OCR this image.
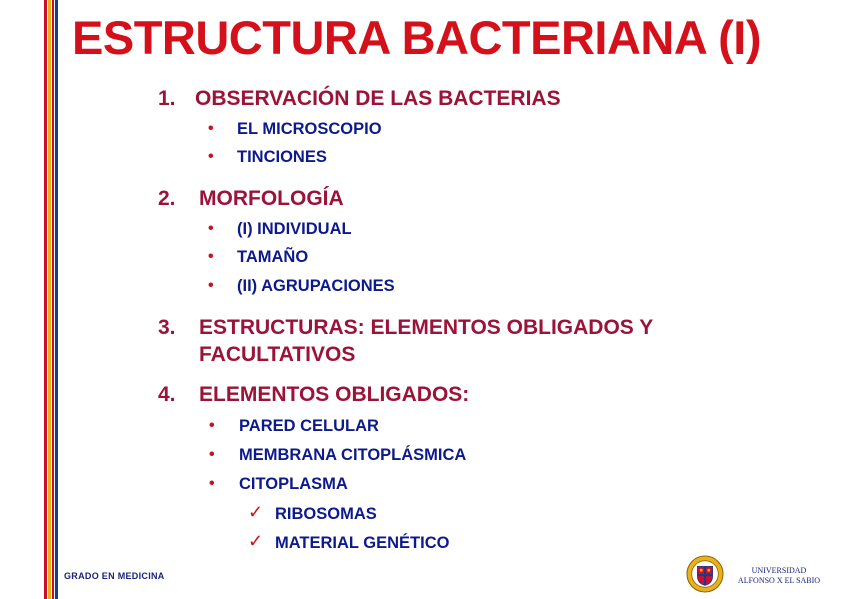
ESTRUCTURA BACTERIANA (I)
1. OBSERVACIÓN DE LAS BACTERIAS
• EL MICROSCOPIO
• TINCIONES
2. MORFOLOGÍA
• (I) INDIVIDUAL
• TAMAÑO
• (II) AGRUPACIONES
3. ESTRUCTURAS: ELEMENTOS OBLIGADOS Y
FACULTATIVOS
4. ELEMENTOS OBLIGADOS:
• PARED CELULAR
• MEMBRANA CITOPLÁSMICA
• CITOPLASMA
✓ RIBOSOMAS
✓ MATERIAL GENÉTICO
GRADO EN MEDICINA
UNIVERSIDAD
ALFONSO X EL SABIO
